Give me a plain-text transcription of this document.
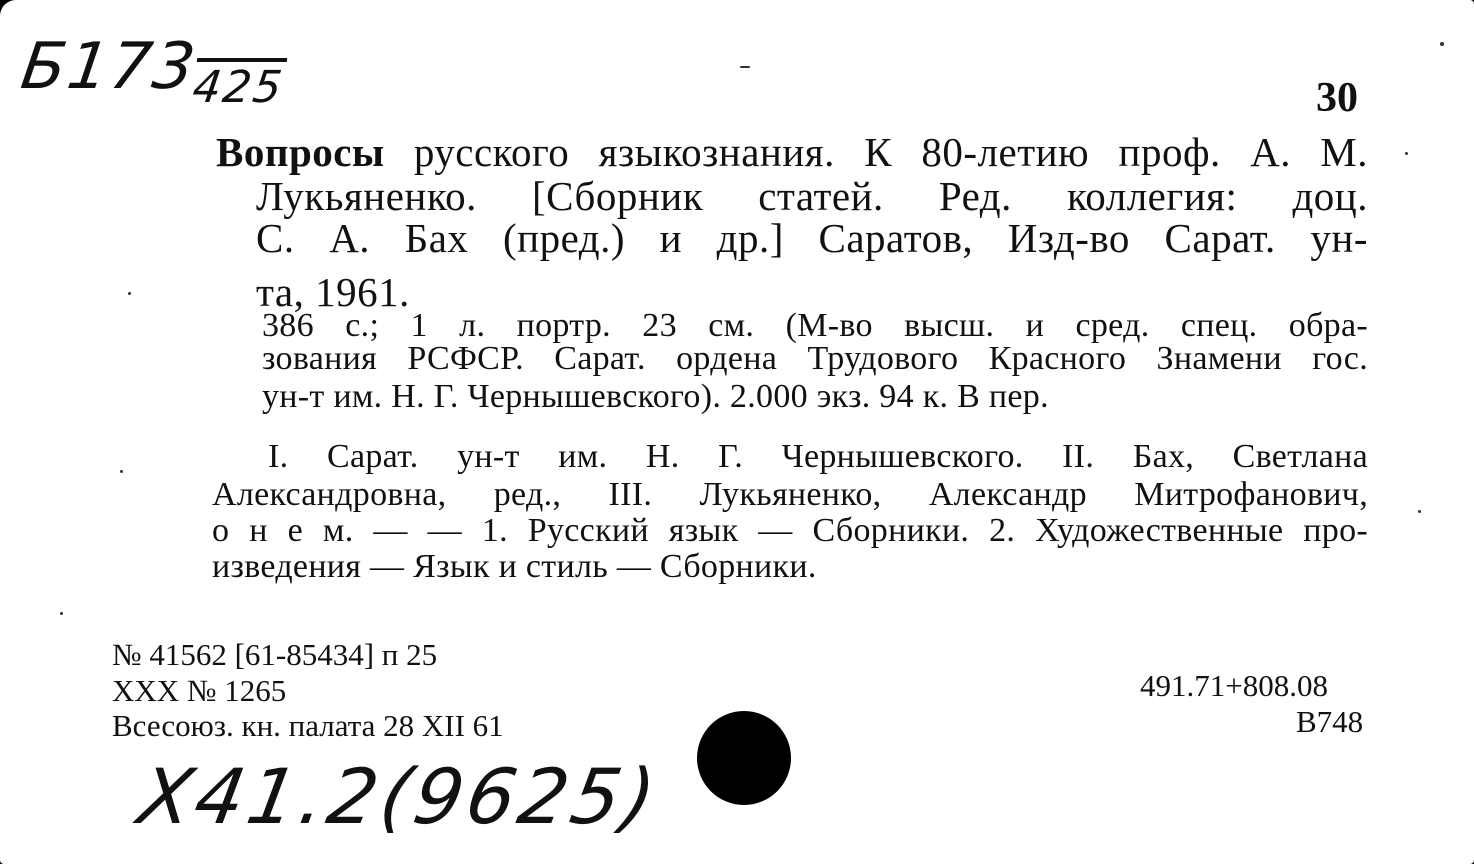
$Б173_{425}$	30
Вопросы русского языкознания. К 80-летию проф. А. М.
Лукьяненко. [Сборник статей. Ред. коллегия: доц.
С. А. Бах (пред.) и др.] Саратов, Изд-во Сарат. ун-
та, 1961.
386 с.; 1 л. портр. 23 см. (М-во высш. и сред. спец. обра-
зования РСФСР. Сарат. ордена Трудового Красного Знамени гос.
ун-т им. Н. Г. Чернышевского). 2.000 экз. 94 к. В пер.
I. Сарат. ун-т им. Н. Г. Чернышевского. II. Бах, Светлана
Александровна, ред., III. Лукьяненко, Александр Митрофанович,
о н е м. — — 1. Русский язык — Сборники. 2. Художественные про-
изведения — Язык и стиль — Сборники.
№ 41562 [61-85434] п 25
XXX № 1265
Всесоюз. кн. палата 28 XII 61
491.71+808.08
В748
Х41.2(9625)
